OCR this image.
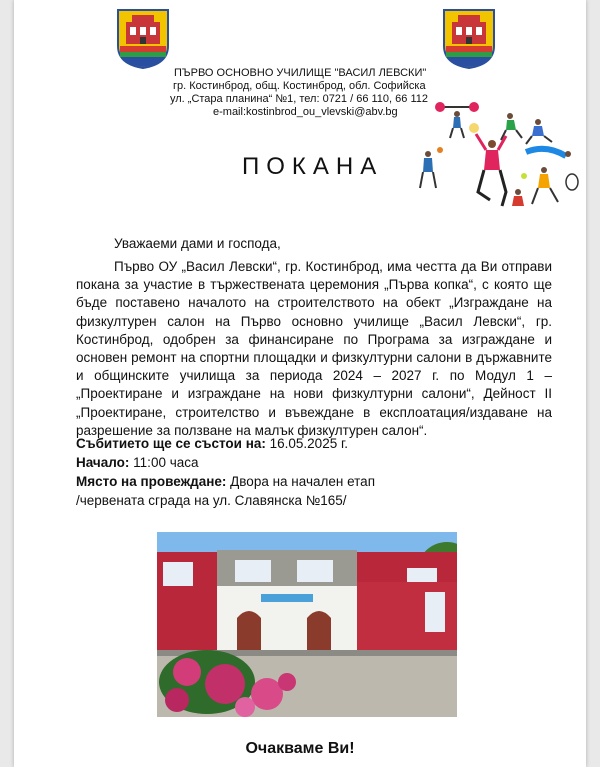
ПЪРВО ОСНОВНО УЧИЛИЩЕ "ВАСИЛ ЛЕВСКИ"
гр. Костинброд, общ. Костинброд, обл. Софийска
ул. „Стара планина“ №1, тел: 0721 / 66 110, 66 112
e-mail:kostinbrod_ou_vlevski@abv.bg
ПОКАНА
Уважаеми дами и господа,
Първо ОУ „Васил Левски“, гр. Костинброд, има честта да Ви отправи покана за участие в тържествената церемония „Първа копка“, с която ще бъде поставено началото на строителството на обект „Изграждане на физкултурен салон на Първо основно училище „Васил Левски“, гр. Костинброд, одобрен за финансиране по Програма за изграждане и основен ремонт на спортни площадки и физкултурни салони в държавните и общинските училища за периода 2024 – 2027 г. по Модул 1 – „Проектиране и изграждане на нови физкултурни салони“, Дейност II „Проектиране, строителство и въвеждане в експлоатация/издаване на разрешение за ползване на малък физкултурен салон“.
Събитието ще се състои на: 16.05.2025 г.
Начало: 11:00 часа
Място на провеждане: Двора на начален етап
/червената сграда на ул. Славянска №165/
Очакваме Ви!
